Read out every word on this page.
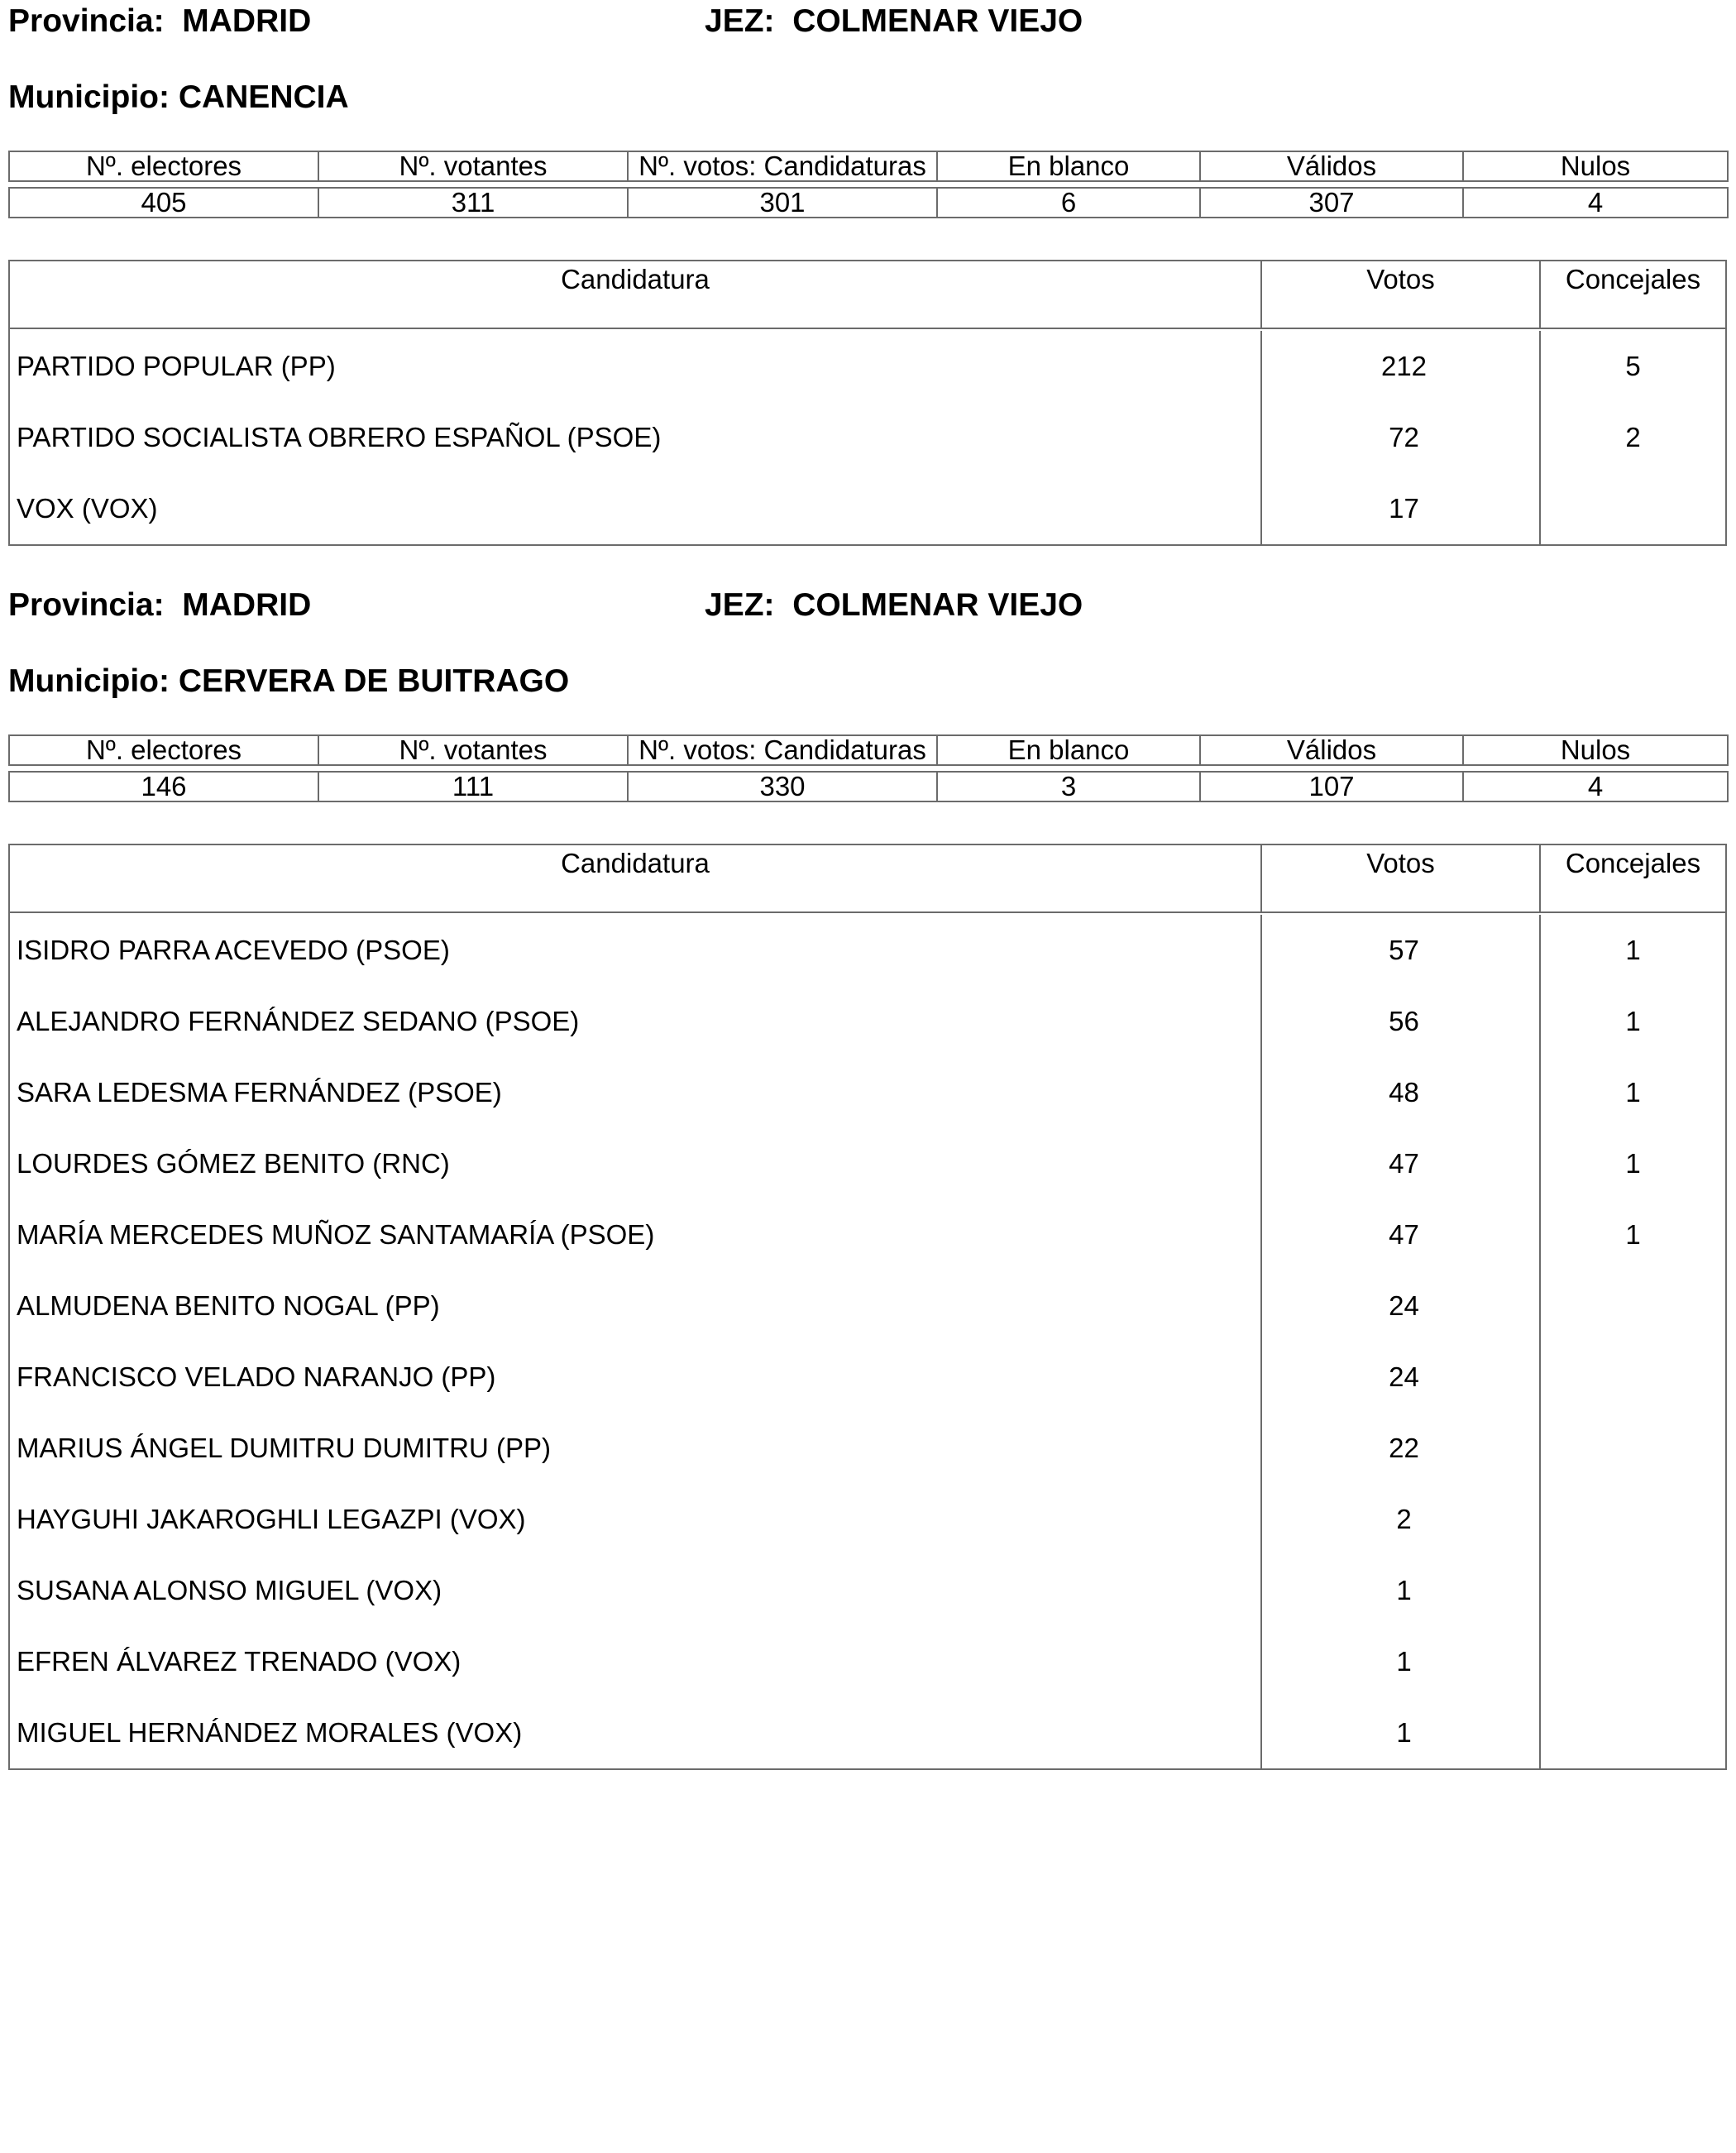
Provincia: MADRID	JEZ: COLMENAR VIEJO
Municipio: CANENCIA
Nº. electores	Nº. votantes	Nº. votos: Candidaturas	En blanco	Válidos	Nulos

405	311	301	6	307	4
Candidatura	Votos	Concejales
PARTIDO POPULAR (PP)	212	5
PARTIDO SOCIALISTA OBRERO ESPAÑOL (PSOE)	72	2
VOX (VOX)	17
Provincia: MADRID	JEZ: COLMENAR VIEJO
Municipio: CERVERA DE BUITRAGO
Nº. electores	Nº. votantes	Nº. votos: Candidaturas	En blanco	Válidos	Nulos

146	111	330	3	107	4
Candidatura	Votos	Concejales
ISIDRO PARRA ACEVEDO (PSOE)	57	1
ALEJANDRO FERNÁNDEZ SEDANO (PSOE)	56	1
SARA LEDESMA FERNÁNDEZ (PSOE)	48	1
LOURDES GÓMEZ BENITO (RNC)	47	1
MARÍA MERCEDES MUÑOZ SANTAMARÍA (PSOE)	47	1
ALMUDENA BENITO NOGAL (PP)	24
FRANCISCO VELADO NARANJO (PP)	24
MARIUS ÁNGEL DUMITRU DUMITRU (PP)	22
HAYGUHI JAKAROGHLI LEGAZPI (VOX)	2
SUSANA ALONSO MIGUEL (VOX)	1
EFREN ÁLVAREZ TRENADO (VOX)	1
MIGUEL HERNÁNDEZ MORALES (VOX)	1
